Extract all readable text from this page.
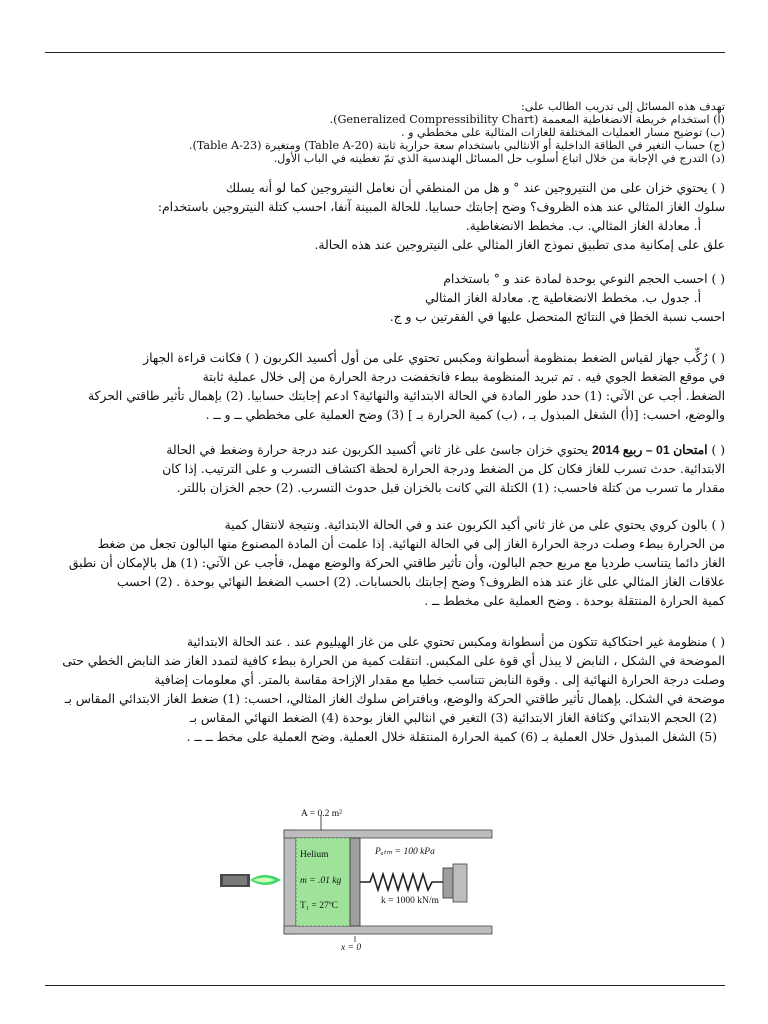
تهدف هذه المسائل إلى تدريب الطالب على:
(أ) استخدام خريطة الانضغاطية المعممة (Generalized Compressibility Chart).
(ب) توضيح مسار العمليات المختلفة للغازات المثالية على مخططي و .
(ج) حساب التغير في الطاقة الداخلية أو الانثالبي باستخدام سعة حرارية ثابتة (Table A-20) ومتغيرة (Table A-23).
(د) التدرج في الإجابة من خلال اتباع أسلوب حل المسائل الهندسية الذي تمّ تغطيته في الباب الأول.

( ) يحتوي خزان على من النتيروجين عند ° و هل من المنطقي أن نعامل النيتروجين كما لو أنه يسلك
سلوك الغاز المثالي عند هذه الظروف؟ وضح إجابتك حسابيا. للحالة المبينة آنفا، احسب كتلة النيتروجين باستخدام:
أ. معادلة الغاز المثالي. ب. مخطط الانضغاطية.
علق على إمكانية مدى تطبيق نموذج الغاز المثالي على النيتروجين عند هذه الحالة.

( ) احسب الحجم النوعي بوحدة لمادة عند و ° باستخدام
أ. جدول ب. مخطط الانضغاطية ج. معادلة الغاز المثالي
احسب نسبة الخطإ في النتائج المتحصل عليها في الفقرتين ب و ج.

( ) رُكِّب جهاز لقياس الضغط بمنظومة أسطوانة ومكبس تحتوي على من أول أكسيد الكربون ( ) فكانت قراءة الجهاز
في موقع الضغط الجوي فيه . تم تبريد المنظومة ببطء فانخفضت درجة الحرارة من إلى خلال عملية ثابتة
الضغط. أجب عن الآتي: (1) حدد طور المادة في الحالة الابتدائية والنهائية؟ ادعم إجابتك حسابيا. (2) بإهمال تأثير طاقتي الحركة
والوضع، احسب: [(أ) الشغل المبذول بـ ، (ب) كمية الحرارة بـ ] (3) وضح العملية على مخططي ــ و ــ .

( ) امتحان 01 – ربيع 2014 يحتوي خزان جاسئ على غاز ثاني أكسيد الكربون عند درجة حرارة وضغط في الحالة
الابتدائية. حدث تسرب للغاز فكان كل من الضغط ودرجة الحرارة لحظة اكتشاف التسرب و على الترتيب. إذا كان
مقدار ما تسرب من كتلة فاحسب: (1) الكتلة التي كانت بالخزان قبل حدوث التسرب. (2) حجم الخزان باللتر.

( ) بالون كروي يحتوي على من غاز ثاني أكيد الكربون عند و في الحالة الابتدائية. ونتيجة لانتقال كمية
من الحرارة ببطء وصلت درجة الحرارة الغاز إلى في الحالة النهائية. إذا علمت أن المادة المصنوع منها البالون تجعل من ضغط
الغاز دائما يتناسب طرديا مع مربع حجم البالون، وأن تأثير طاقتي الحركة والوضع مهمل، فأجب عن الآتي: (1) هل بالإمكان أن نطبق
علاقات الغاز المثالي على غاز عند هذه الظروف؟ وضح إجابتك بالحسابات. (2) احسب الضغط النهائي بوحدة . (2) احسب
كمية الحرارة المنتقلة بوحدة . وضح العملية على مخطط ــ .

( ) منظومة غير احتكاكية تتكون من أسطوانة ومكبس تحتوي على من غاز الهيليوم عند . عند الحالة الابتدائية
الموضحة في الشكل ، النابض لا يبذل أي قوة على المكبس. انتقلت كمية من الحرارة ببطء كافية لتمدد الغاز ضد النابض الخطي حتى
وصلت درجة الحرارة النهائية إلى . وقوة النابض تتناسب خطيا مع مقدار الإزاحة مقاسة بالمتر. أي معلومات إضافية
موضحة في الشكل. بإهمال تأثير طاقتي الحركة والوضع، وبافتراض سلوك الغاز المثالي، احسب: (1) ضغط الغاز الابتدائي المقاس بـ
(2) الحجم الابتدائي وكثافة الغاز الابتدائية (3) التغير في انثالبي الغاز بوحدة (4) الضغط النهائي المقاس بـ
(5) الشغل المبذول خلال العملية بـ (6) كمية الحرارة المنتقلة خلال العملية. وضح العملية على مخط ــ ــ .

A = 0.2 m²
Pₐₜₘ = 100 kPa
Helium
m = .01 kg
T₁ = 27ºC	k = 1000 kN/m
x = 0
